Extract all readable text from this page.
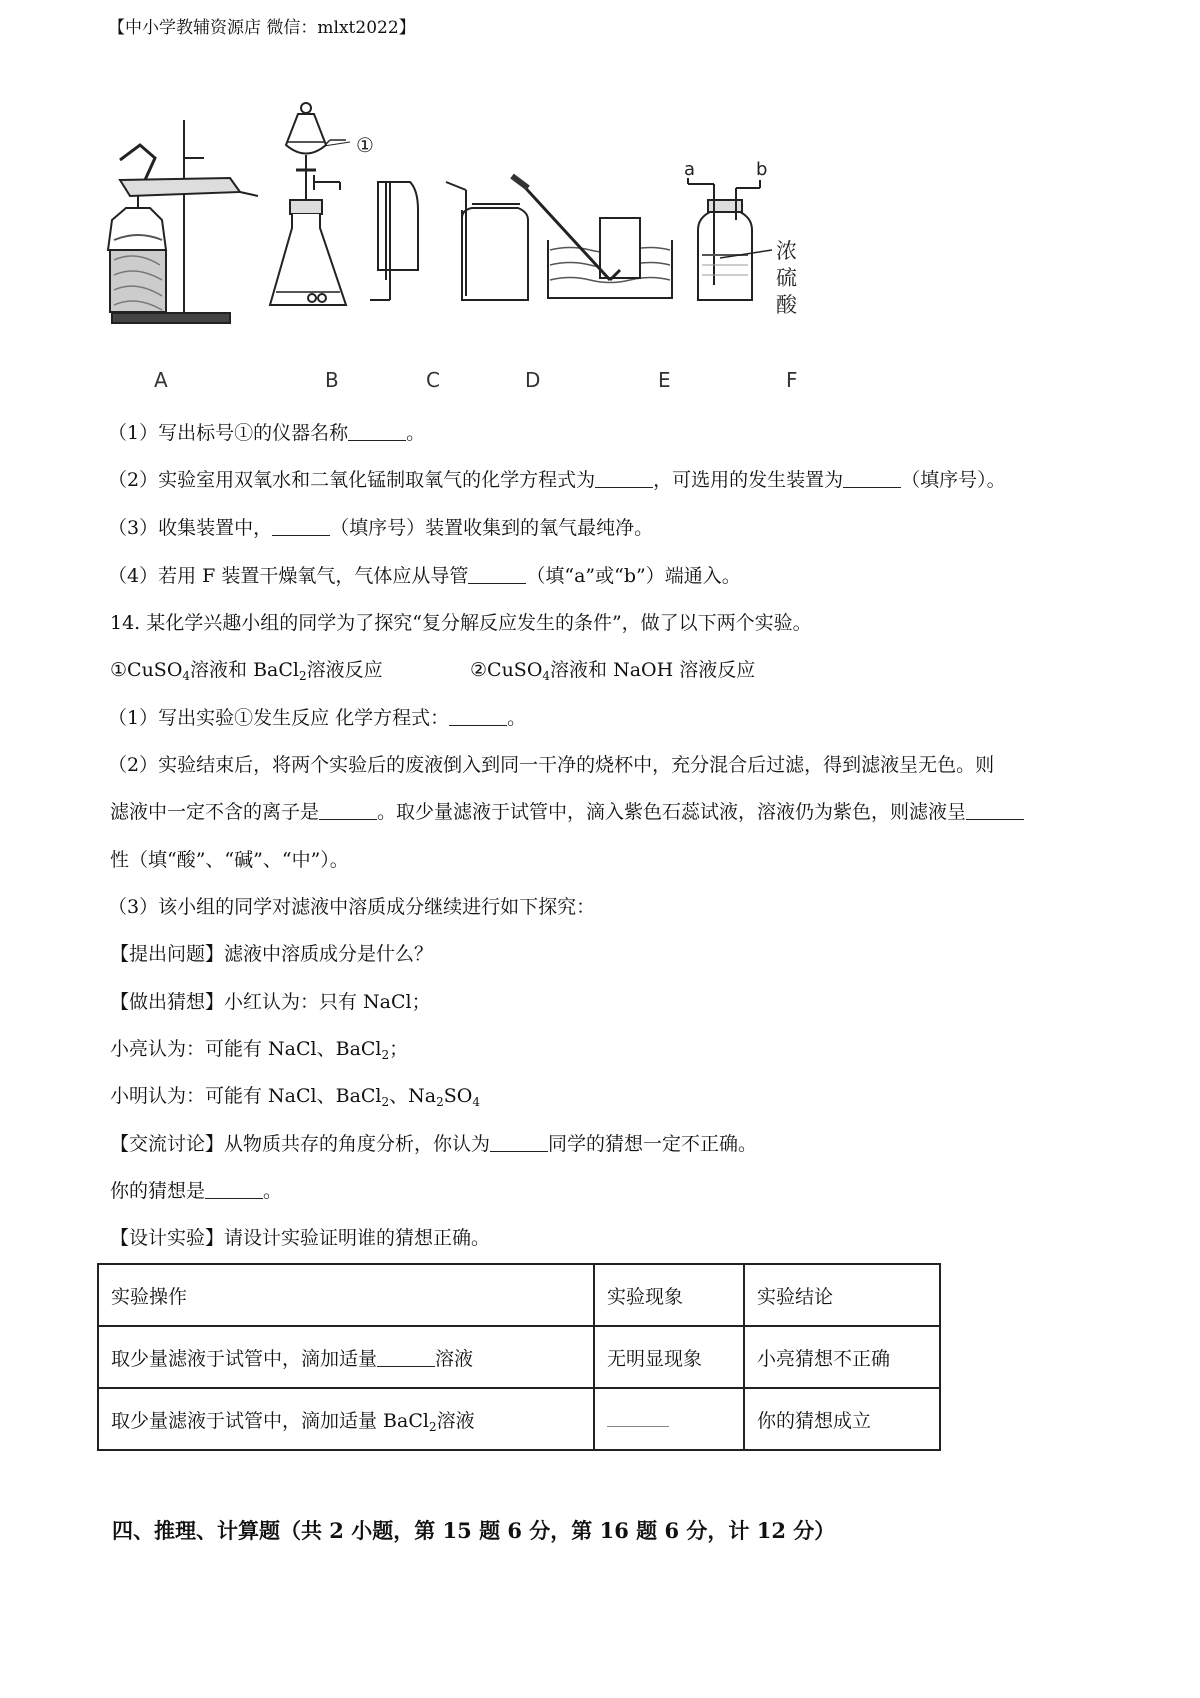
【中小学教辅资源店 微信：mlxt2022】
①
a	b
浓
硫
酸
A	B	C	D	E	F
（1）写出标号①的仪器名称	。
（2）实验室用双氧水和二氧化锰制取氧气的化学方程式为	，可选用的发生装置为	（填序号）。
（3）收集装置中，	（填序号）装置收集到的氧气最纯净。
（4）若用 F 装置干燥氧气，气体应从导管	（填“a”或“b”）端通入。
14. 某化学兴趣小组的同学为了探究“复分解反应发生的条件”，做了以下两个实验。
①CuSO$_4$溶液和 BaCl$_2$溶液反应	②CuSO$_4$溶液和 NaOH 溶液反应
（1）写出实验①发生反应 化学方程式：	。
（2）实验结束后，将两个实验后的废液倒入到同一干净的烧杯中，充分混合后过滤，得到滤液呈无色。则
滤液中一定不含的离子是	。取少量滤液于试管中，滴入紫色石蕊试液，溶液仍为紫色，则滤液呈
性（填“酸”、“碱”、“中”）。
（3）该小组的同学对滤液中溶质成分继续进行如下探究：
【提出问题】滤液中溶质成分是什么？
【做出猜想】小红认为：只有 NaCl；
小亮认为：可能有 NaCl、BaCl$_2$；
小明认为：可能有 NaCl、BaCl$_2$、$Na_2SO_4$
【交流讨论】从物质共存的角度分析，你认为	同学的猜想一定不正确。
你的猜想是	。
【设计实验】请设计实验证明谁的猜想正确。
实验操作	实验现象	实验结论
取少量滤液于试管中，滴加适量 溶液	无明显现象	小亮猜想不正确
取少量滤液于试管中，滴加适量 BaCl$_2$溶液		你的猜想成立
四、推理、计算题（共 2 小题，第 15 题 6 分，第 16 题 6 分，计 12 分）
